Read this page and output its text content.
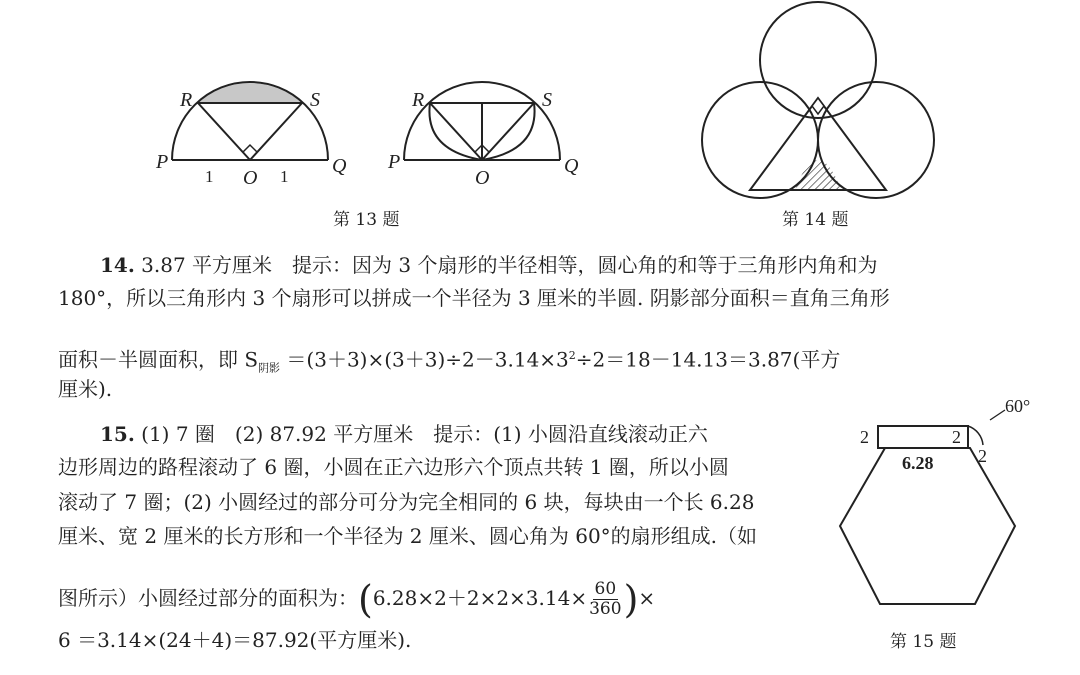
R	S
P	Q
O
1	1
R	S
P	Q
O
60°
2	2
2
6.28
第 13 题	第 14 题
第 15 题
14. 3.87 平方厘米　提示：因为 3 个扇形的半径相等，圆心角的和等于三角形内角和为
180°，所以三角形内 3 个扇形可以拼成一个半径为 3 厘米的半圆. 阴影部分面积＝直角三角形
面积－半圆面积，即 $S_{阴影} =(3+3)\times(3+3)\div 2-3.14\times 3^2\div 2=18-14.13=3.87$(平方
厘米).
15. (1) 7 圈　(2) 87.92 平方厘米　提示：(1) 小圆沿直线滚动正六
边形周边的路程滚动了 6 圈，小圆在正六边形六个顶点共转 1 圈，所以小圆
滚动了 7 圈；(2) 小圆经过的部分可分为完全相同的 6 块，每块由一个长 6.28
厘米、宽 2 厘米的长方形和一个半径为 2 厘米、圆心角为 60°的扇形组成.（如
图所示）小圆经过部分的面积为：($6.28\times 2+2\times 2\times 3.14\times \frac{60}{360}$ )×
6 ＝3.14×(24＋4)＝87.92(平方厘米).
